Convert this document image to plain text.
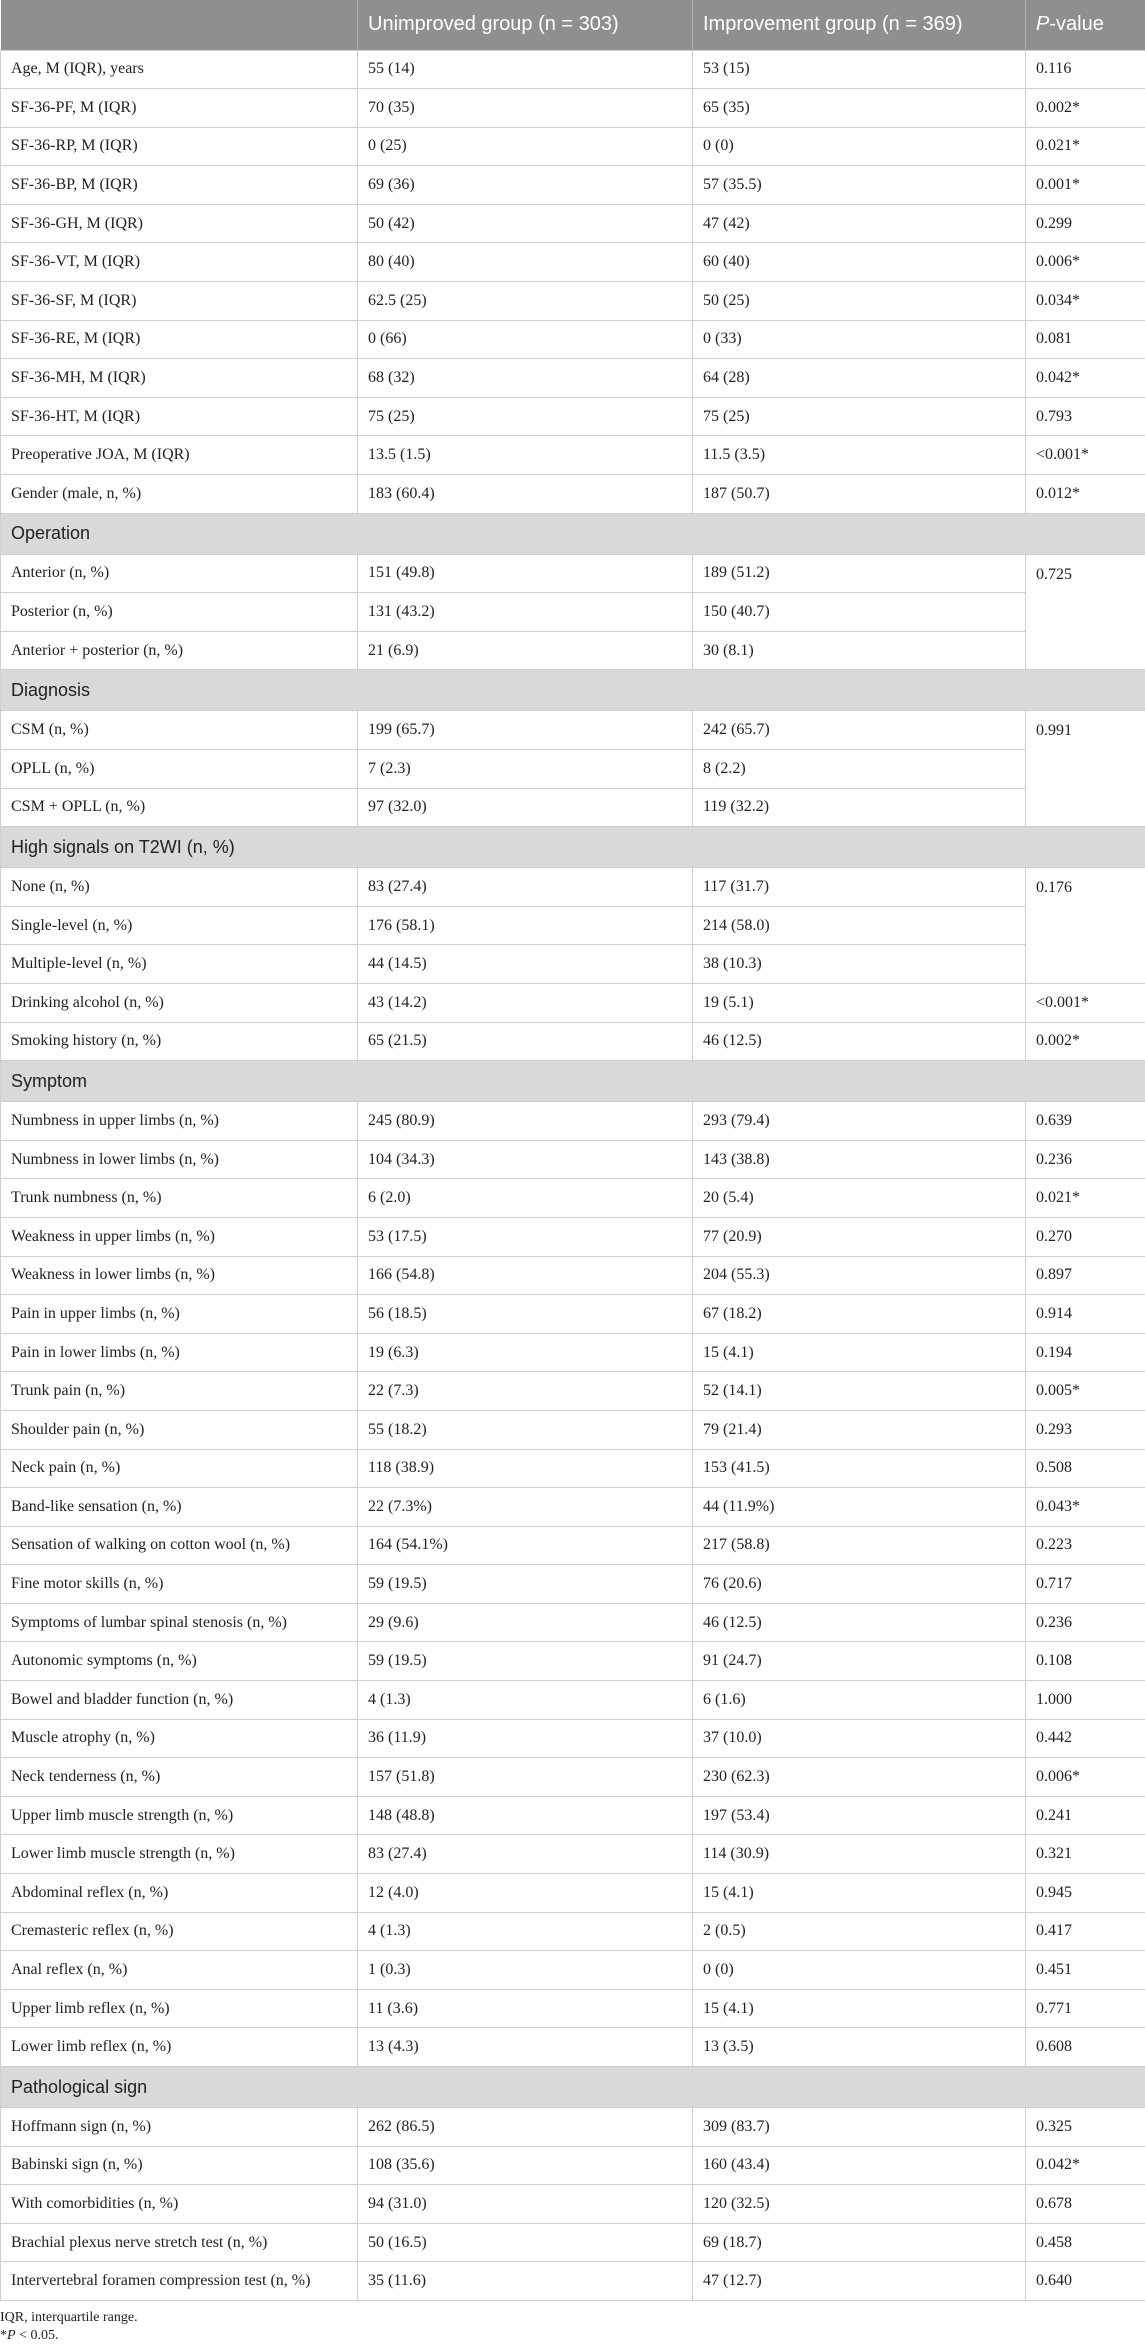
	Unimproved group (n = 303)	Improvement group (n = 369)	P-value
Age, M (IQR), years	55 (14)	53 (15)	0.116
SF-36-PF, M (IQR)	70 (35)	65 (35)	0.002*
SF-36-RP, M (IQR)	0 (25)	0 (0)	0.021*
SF-36-BP, M (IQR)	69 (36)	57 (35.5)	0.001*
SF-36-GH, M (IQR)	50 (42)	47 (42)	0.299
SF-36-VT, M (IQR)	80 (40)	60 (40)	0.006*
SF-36-SF, M (IQR)	62.5 (25)	50 (25)	0.034*
SF-36-RE, M (IQR)	0 (66)	0 (33)	0.081
SF-36-MH, M (IQR)	68 (32)	64 (28)	0.042*
SF-36-HT, M (IQR)	75 (25)	75 (25)	0.793
Preoperative JOA, M (IQR)	13.5 (1.5)	11.5 (3.5)	<0.001*
Gender (male, n, %)	183 (60.4)	187 (50.7)	0.012*
Operation			
Anterior (n, %)	151 (49.8)	189 (51.2)	0.725
Posterior (n, %)	131 (43.2)	150 (40.7)	
Anterior + posterior (n, %)	21 (6.9)	30 (8.1)	
Diagnosis			
CSM (n, %)	199 (65.7)	242 (65.7)	0.991
OPLL (n, %)	7 (2.3)	8 (2.2)	
CSM + OPLL (n, %)	97 (32.0)	119 (32.2)	
High signals on T2WI (n, %)			
None (n, %)	83 (27.4)	117 (31.7)	0.176
Single-level (n, %)	176 (58.1)	214 (58.0)	
Multiple-level (n, %)	44 (14.5)	38 (10.3)	
Drinking alcohol (n, %)	43 (14.2)	19 (5.1)	<0.001*
Smoking history (n, %)	65 (21.5)	46 (12.5)	0.002*
Symptom			
Numbness in upper limbs (n, %)	245 (80.9)	293 (79.4)	0.639
Numbness in lower limbs (n, %)	104 (34.3)	143 (38.8)	0.236
Trunk numbness (n, %)	6 (2.0)	20 (5.4)	0.021*
Weakness in upper limbs (n, %)	53 (17.5)	77 (20.9)	0.270
Weakness in lower limbs (n, %)	166 (54.8)	204 (55.3)	0.897
Pain in upper limbs (n, %)	56 (18.5)	67 (18.2)	0.914
Pain in lower limbs (n, %)	19 (6.3)	15 (4.1)	0.194
Trunk pain (n, %)	22 (7.3)	52 (14.1)	0.005*
Shoulder pain (n, %)	55 (18.2)	79 (21.4)	0.293
Neck pain (n, %)	118 (38.9)	153 (41.5)	0.508
Band-like sensation (n, %)	22 (7.3%)	44 (11.9%)	0.043*
Sensation of walking on cotton wool (n, %)	164 (54.1%)	217 (58.8)	0.223
Fine motor skills (n, %)	59 (19.5)	76 (20.6)	0.717
Symptoms of lumbar spinal stenosis (n, %)	29 (9.6)	46 (12.5)	0.236
Autonomic symptoms (n, %)	59 (19.5)	91 (24.7)	0.108
Bowel and bladder function (n, %)	4 (1.3)	6 (1.6)	1.000
Muscle atrophy (n, %)	36 (11.9)	37 (10.0)	0.442
Neck tenderness (n, %)	157 (51.8)	230 (62.3)	0.006*
Upper limb muscle strength (n, %)	148 (48.8)	197 (53.4)	0.241
Lower limb muscle strength (n, %)	83 (27.4)	114 (30.9)	0.321
Abdominal reflex (n, %)	12 (4.0)	15 (4.1)	0.945
Cremasteric reflex (n, %)	4 (1.3)	2 (0.5)	0.417
Anal reflex (n, %)	1 (0.3)	0 (0)	0.451
Upper limb reflex (n, %)	11 (3.6)	15 (4.1)	0.771
Lower limb reflex (n, %)	13 (4.3)	13 (3.5)	0.608
Pathological sign			
Hoffmann sign (n, %)	262 (86.5)	309 (83.7)	0.325
Babinski sign (n, %)	108 (35.6)	160 (43.4)	0.042*
With comorbidities (n, %)	94 (31.0)	120 (32.5)	0.678
Brachial plexus nerve stretch test (n, %)	50 (16.5)	69 (18.7)	0.458
Intervertebral foramen compression test (n, %)	35 (11.6)	47 (12.7)	0.640
IQR, interquartile range.
*P < 0.05.
